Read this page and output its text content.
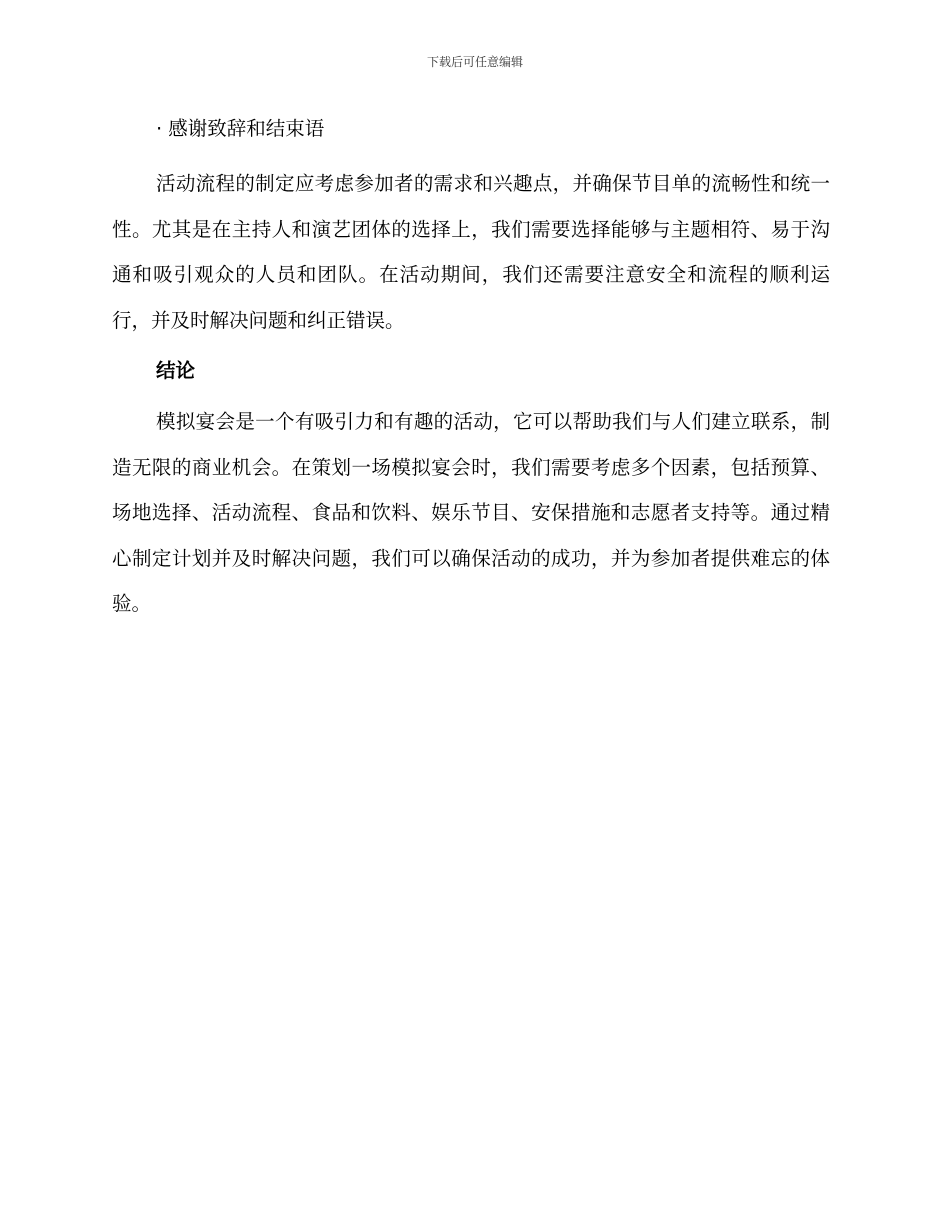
下载后可任意编辑
· 感谢致辞和结束语

活动流程的制定应考虑参加者的需求和兴趣点，并确保节目单的流畅性和统一性。尤其是在主持人和演艺团体的选择上，我们需要选择能够与主题相符、易于沟通和吸引观众的人员和团队。在活动期间，我们还需要注意安全和流程的顺利运行，并及时解决问题和纠正错误。

结论

模拟宴会是一个有吸引力和有趣的活动，它可以帮助我们与人们建立联系，制造无限的商业机会。在策划一场模拟宴会时，我们需要考虑多个因素，包括预算、场地选择、活动流程、食品和饮料、娱乐节目、安保措施和志愿者支持等。通过精心制定计划并及时解决问题，我们可以确保活动的成功，并为参加者提供难忘的体验。
